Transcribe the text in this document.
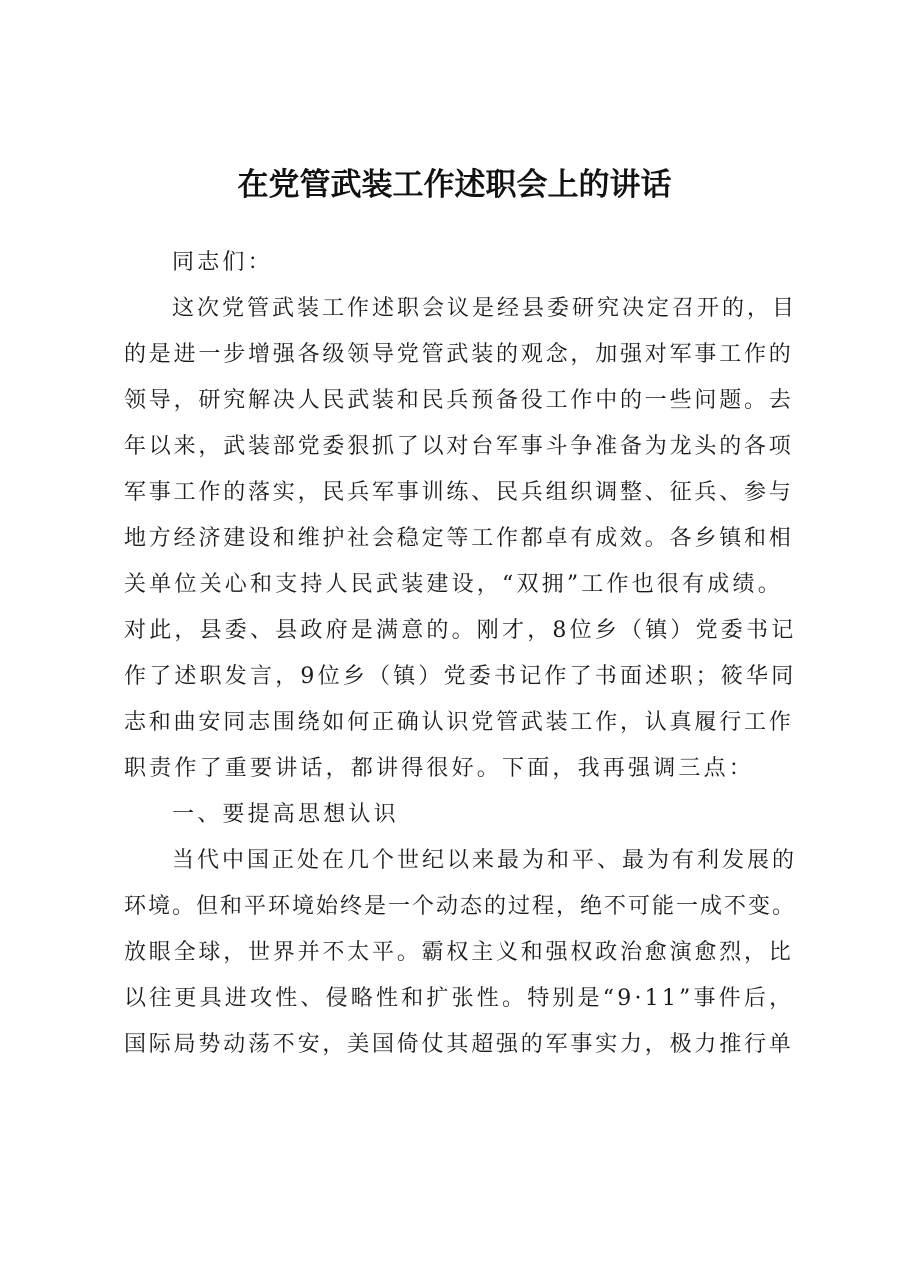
在党管武装工作述职会上的讲话
同志们：
这次党管武装工作述职会议是经县委研究决定召开的，目
的是进一步增强各级领导党管武装的观念，加强对军事工作的
领导，研究解决人民武装和民兵预备役工作中的一些问题。去
年以来，武装部党委狠抓了以对台军事斗争准备为龙头的各项
军事工作的落实，民兵军事训练、民兵组织调整、征兵、参与
地方经济建设和维护社会稳定等工作都卓有成效。各乡镇和相
关单位关心和支持人民武装建设，“双拥”工作也很有成绩。
对此，县委、县政府是满意的。刚才，8位乡（镇）党委书记
作了述职发言，9位乡（镇）党委书记作了书面述职；筱华同
志和曲安同志围绕如何正确认识党管武装工作，认真履行工作
职责作了重要讲话，都讲得很好。下面，我再强调三点：
一、要提高思想认识
当代中国正处在几个世纪以来最为和平、最为有利发展的
环境。但和平环境始终是一个动态的过程，绝不可能一成不变。
放眼全球，世界并不太平。霸权主义和强权政治愈演愈烈，比
以往更具进攻性、侵略性和扩张性。特别是“9·11”事件后，
国际局势动荡不安，美国倚仗其超强的军事实力，极力推行单
